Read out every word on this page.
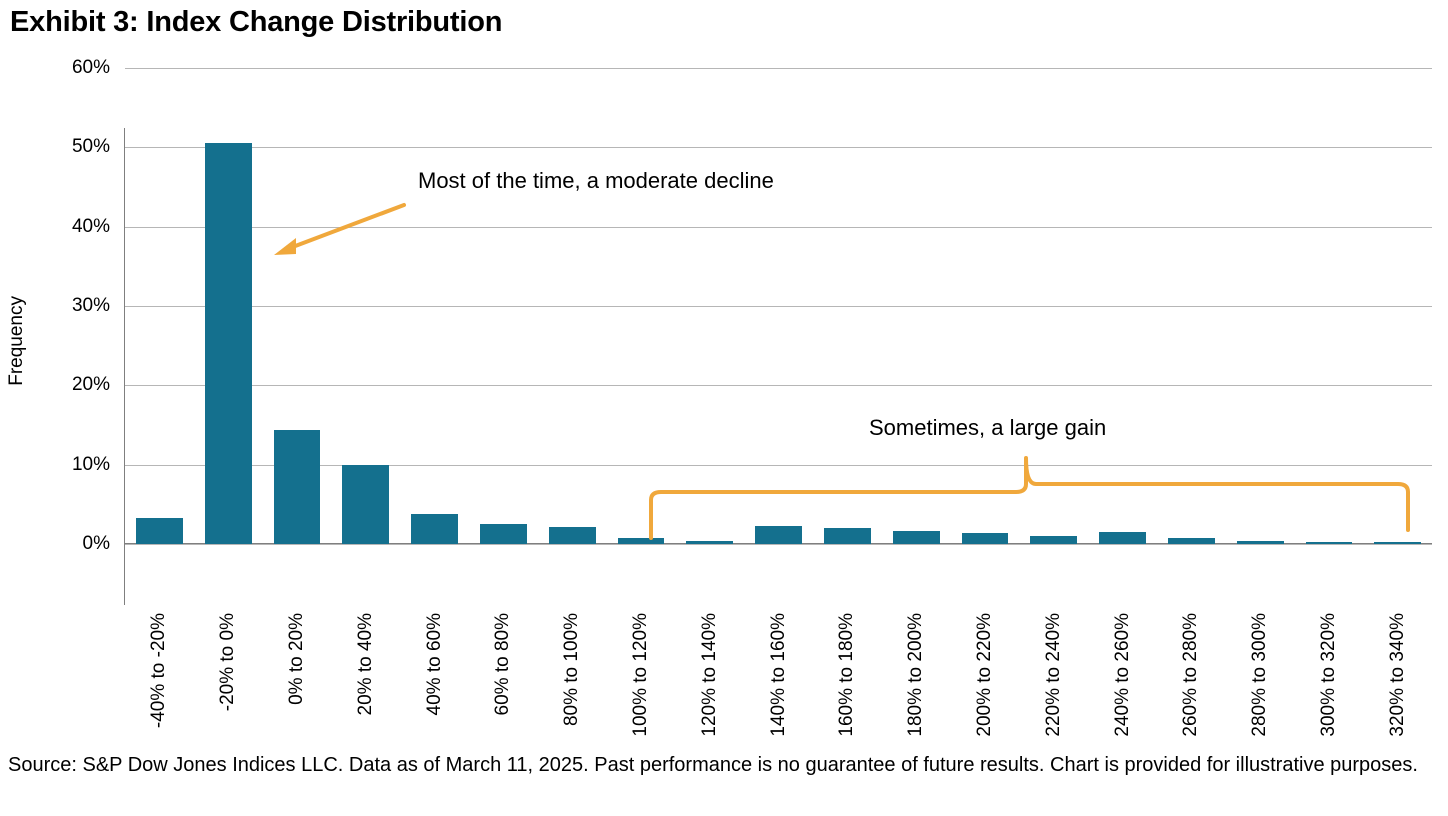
Exhibit 3: Index Change Distribution
Frequency
0%
10%
20%
30%
40%
50%
60%
-40% to -20%	-20% to 0%	0% to 20%	20% to 40%	40% to 60%	60% to 80%	80% to 100%	100% to 120%	120% to 140%	140% to 160%	160% to 180%	180% to 200%	200% to 220%	220% to 240%	240% to 260%	260% to 280%	280% to 300%	300% to 320%	320% to 340%
Most of the time, a moderate decline
Sometimes, a large gain
Source: S&P Dow Jones Indices LLC. Data as of March 11, 2025. Past performance is no guarantee of future results. Chart is provided for illustrative purposes.
